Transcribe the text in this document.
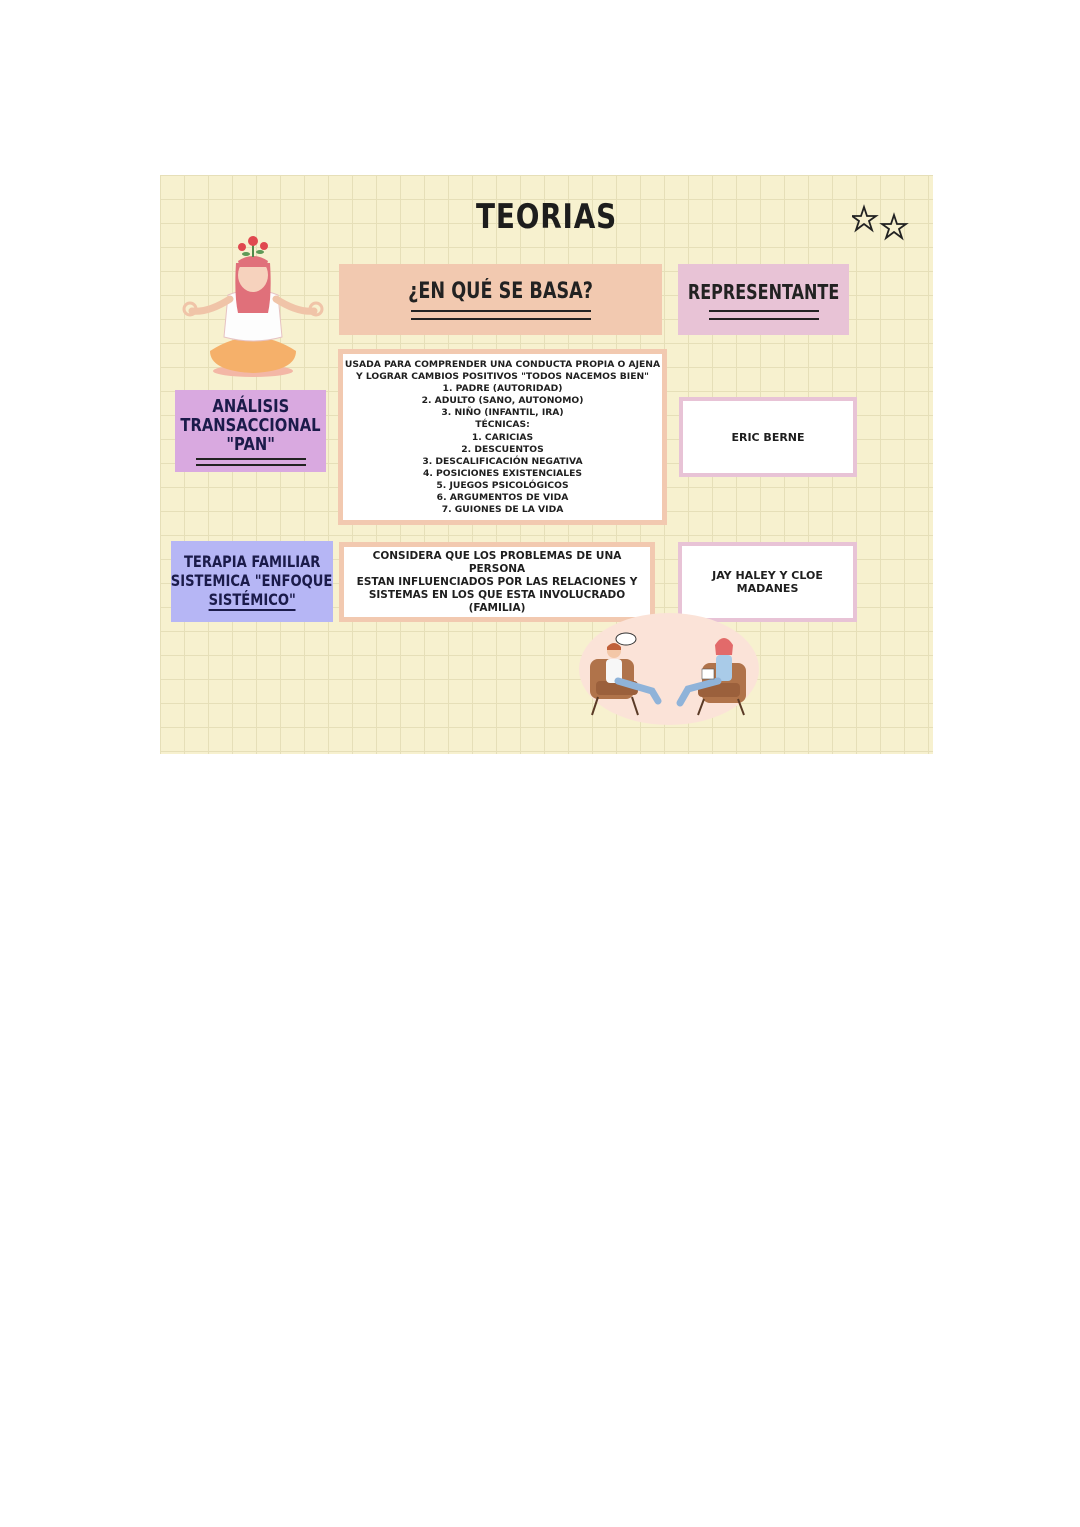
TEORIAS
¿EN QUÉ SE BASA?	REPRESENTANTE
ANÁLISIS
TRANSACCIONAL
"PAN"
USADA PARA COMPRENDER UNA CONDUCTA PROPIA O AJENA
Y LOGRAR CAMBIOS POSITIVOS "TODOS NACEMOS BIEN"
1. PADRE (AUTORIDAD)
2. ADULTO (SANO, AUTONOMO)
3. NIÑO (INFANTIL, IRA)
TÉCNICAS:
1. CARICIAS
2. DESCUENTOS
3. DESCALIFICACIÓN NEGATIVA
4. POSICIONES EXISTENCIALES
5. JUEGOS PSICOLÓGICOS
6. ARGUMENTOS DE VIDA
7. GUIONES DE LA VIDA
ERIC BERNE
TERAPIA FAMILIAR
SISTEMICA "ENFOQUE
SISTÉMICO"
CONSIDERA QUE LOS PROBLEMAS DE UNA PERSONA
ESTAN INFLUENCIADOS POR LAS RELACIONES Y
SISTEMAS EN LOS QUE ESTA INVOLUCRADO (FAMILIA)
JAY HALEY Y CLOE MADANES
